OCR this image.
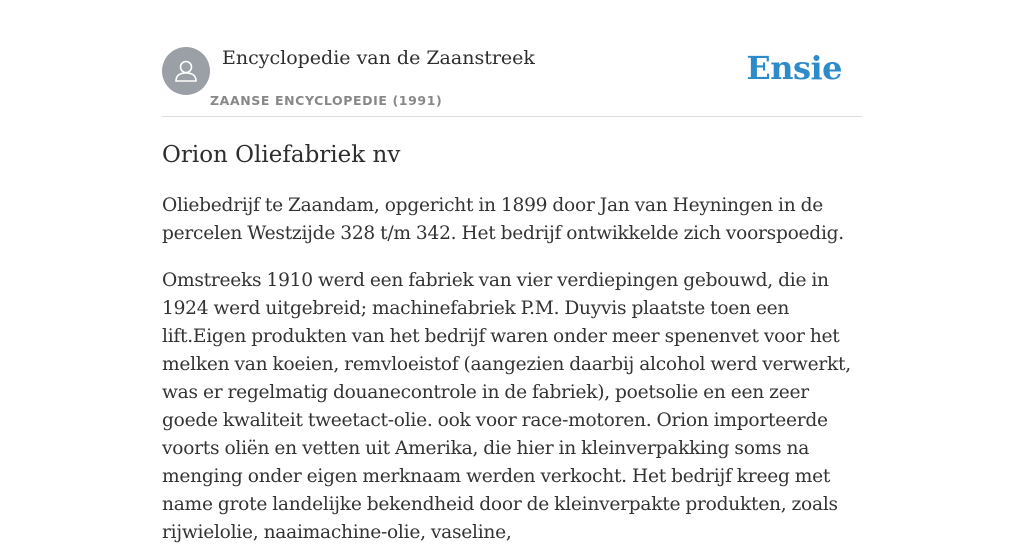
Encyclopedie van de Zaanstreek
ZAANSE ENCYCLOPEDIE (1991)
Ensie
Orion Oliefabriek nv

Oliebedrijf te Zaandam, opgericht in 1899 door Jan van Heyningen in de percelen Westzijde 328 t/m 342. Het bedrijf ontwikkelde zich voorspoedig.

Omstreeks 1910 werd een fabriek van vier verdiepingen gebouwd, die in 1924 werd uitgebreid; machinefabriek P.M. Duyvis plaatste toen een lift.Eigen produkten van het bedrijf waren onder meer spenenvet voor het melken van koeien, remvloeistof (aangezien daarbij alcohol werd verwerkt, was er regelmatig douanecontrole in de fabriek), poetsolie en een zeer goede kwaliteit tweetact-olie. ook voor race-motoren. Orion importeerde voorts oliën en vetten uit Amerika, die hier in kleinverpakking soms na menging onder eigen merknaam werden verkocht. Het bedrijf kreeg met name grote landelijke bekendheid door de kleinverpakte produkten, zoals rijwielolie, naaimachine-olie, vaseline,
